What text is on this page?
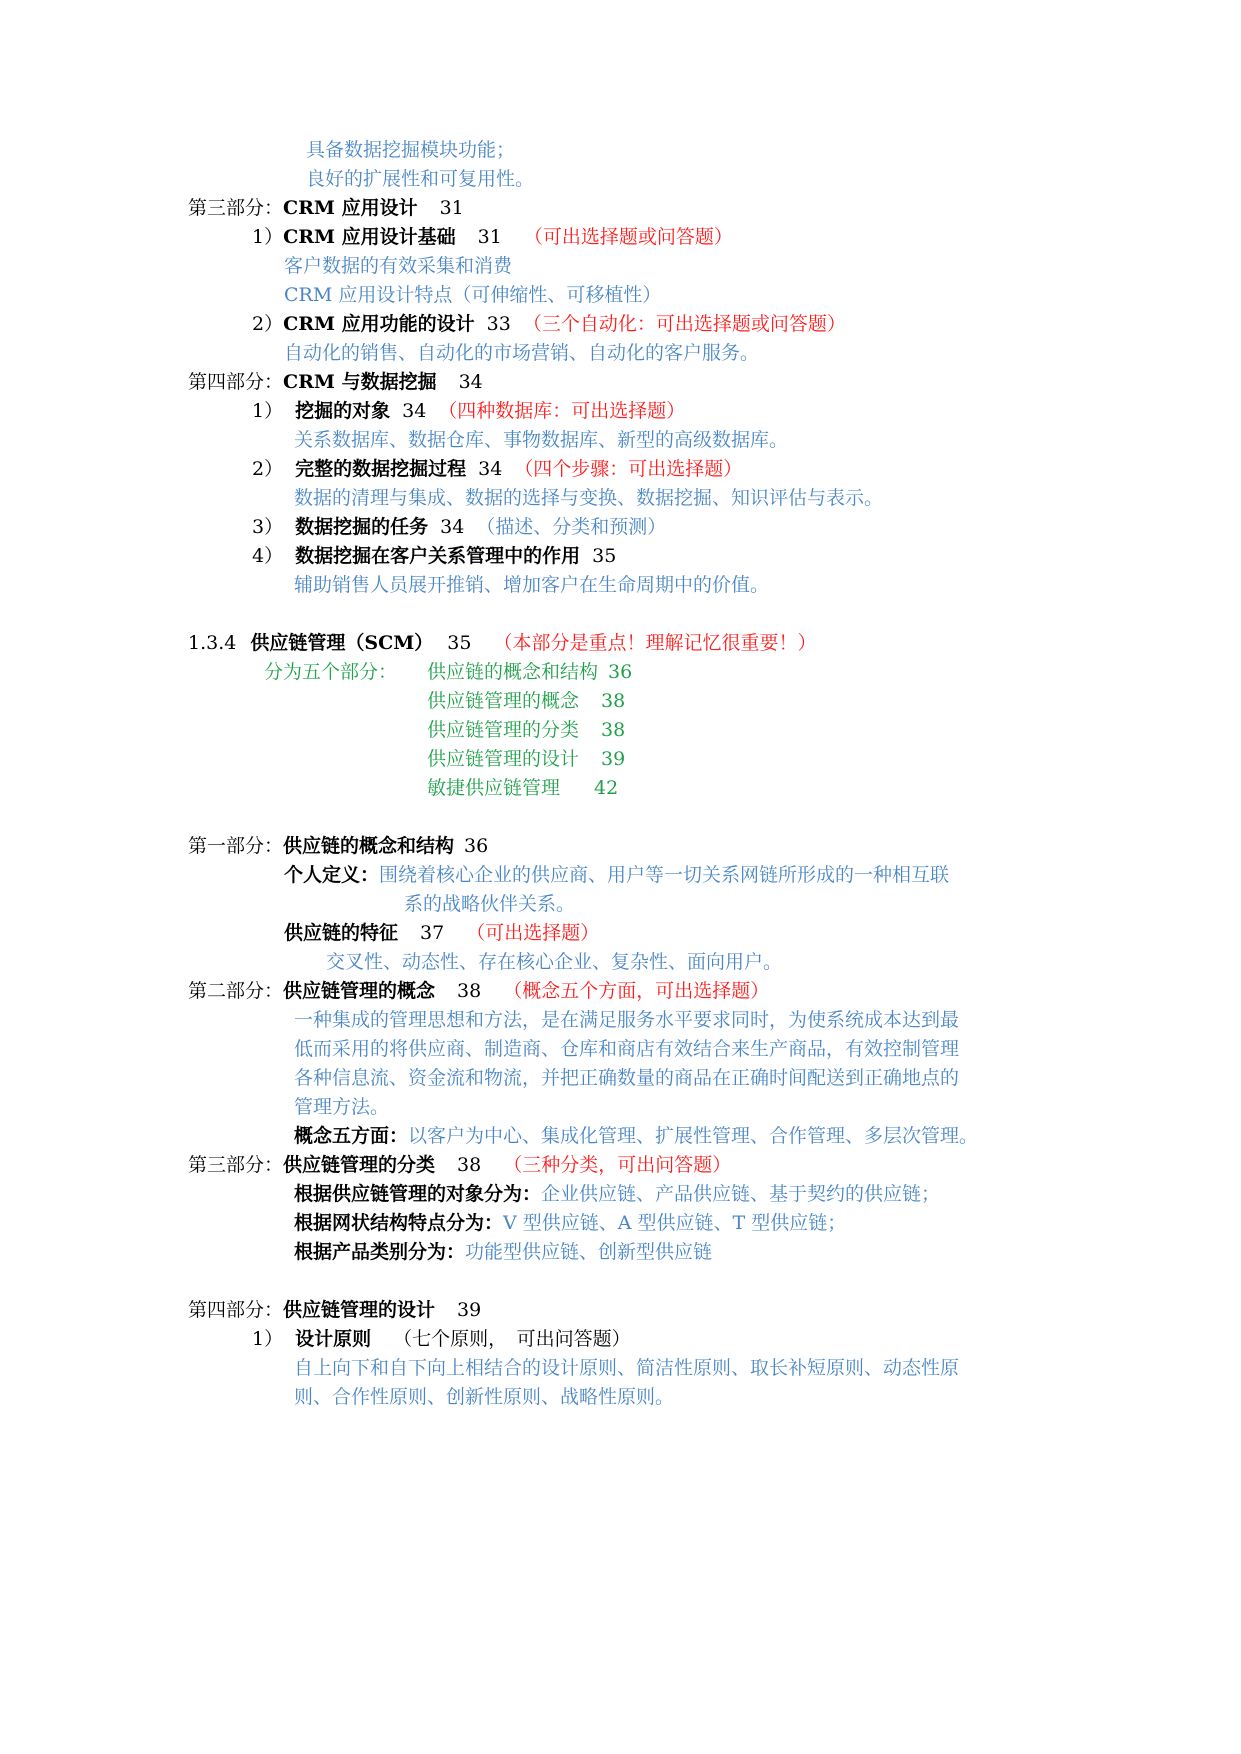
具备数据挖掘模块功能；
良好的扩展性和可复用性。
第三部分：CRM 应用设计 31
1）CRM 应用设计基础 31 （可出选择题或问答题）
客户数据的有效采集和消费
CRM 应用设计特点（可伸缩性、可移植性）
2）CRM 应用功能的设计 33 （三个自动化：可出选择题或问答题）
自动化的销售、自动化的市场营销、自动化的客户服务。
第四部分：CRM 与数据挖掘 34
1） 挖掘的对象 34 （四种数据库：可出选择题）
关系数据库、数据仓库、事物数据库、新型的高级数据库。
2） 完整的数据挖掘过程 34 （四个步骤：可出选择题）
数据的清理与集成、数据的选择与变换、数据挖掘、知识评估与表示。
3） 数据挖掘的任务 34 （描述、分类和预测）
4） 数据挖掘在客户关系管理中的作用 35
辅助销售人员展开推销、增加客户在生命周期中的价值。
1.3.4 供应链管理（SCM） 35 （本部分是重点！理解记忆很重要！）
分为五个部分： 供应链的概念和结构 36
供应链管理的概念 38
供应链管理的分类 38
供应链管理的设计 39
敏捷供应链管理 42
第一部分：供应链的概念和结构 36
个人定义：围绕着核心企业的供应商、用户等一切关系网链所形成的一种相互联
系的战略伙伴关系。
供应链的特征 37 （可出选择题）
交叉性、动态性、存在核心企业、复杂性、面向用户。
第二部分：供应链管理的概念 38 （概念五个方面，可出选择题）
一种集成的管理思想和方法，是在满足服务水平要求同时，为使系统成本达到最
低而采用的将供应商、制造商、仓库和商店有效结合来生产商品，有效控制管理
各种信息流、资金流和物流，并把正确数量的商品在正确时间配送到正确地点的
管理方法。
概念五方面：以客户为中心、集成化管理、扩展性管理、合作管理、多层次管理。
第三部分：供应链管理的分类 38 （三种分类，可出问答题）
根据供应链管理的对象分为：企业供应链、产品供应链、基于契约的供应链；
根据网状结构特点分为：V 型供应链、A 型供应链、T 型供应链；
根据产品类别分为：功能型供应链、创新型供应链
第四部分：供应链管理的设计 39
1） 设计原则 （七个原则，　可出问答题）
自上向下和自下向上相结合的设计原则、简洁性原则、取长补短原则、动态性原
则、合作性原则、创新性原则、战略性原则。
